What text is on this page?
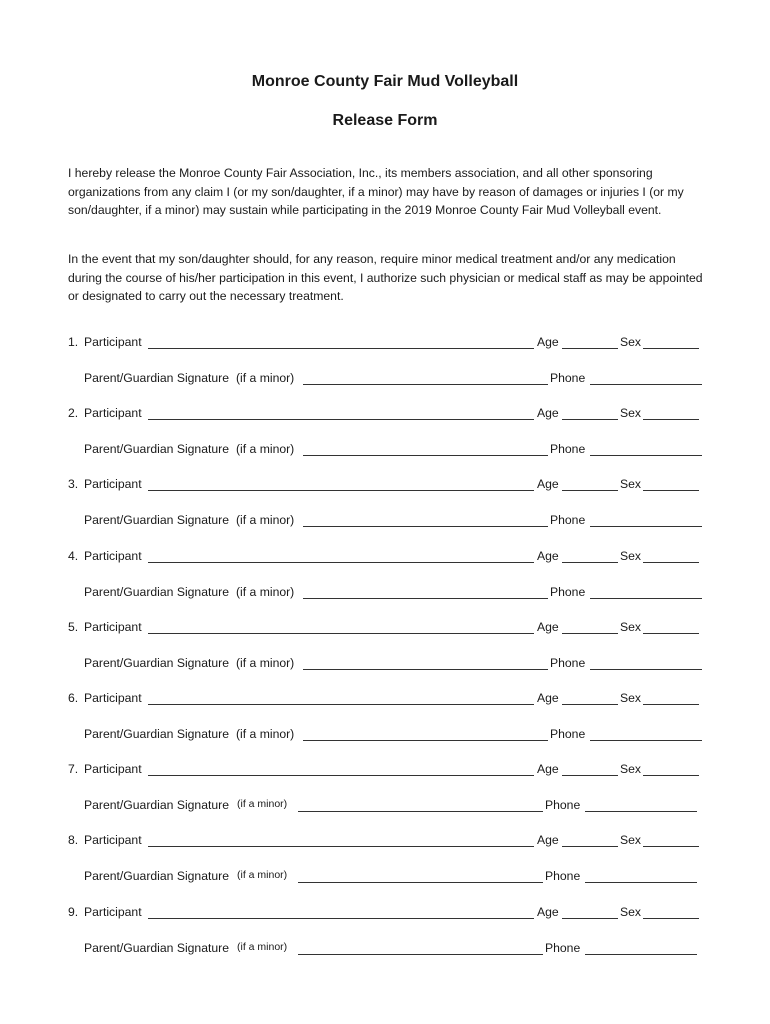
Monroe County Fair Mud Volleyball
Release Form

I hereby release the Monroe County Fair Association, Inc., its members association, and all other sponsoring organizations from any claim I (or my son/daughter, if a minor) may have by reason of damages or injuries I (or my son/daughter, if a minor) may sustain while participating in the 2019 Monroe County Fair Mud Volleyball event.

In the event that my son/daughter should, for any reason, require minor medical treatment and/or any medication during the course of his/her participation in this event, I authorize such physician or medical staff as may be appointed or designated to carry out the necessary treatment.

1. Participant	Age	Sex
Parent/Guardian Signature (if a minor)	Phone
2. Participant	Age	Sex
Parent/Guardian Signature (if a minor)	Phone
3. Participant	Age	Sex
Parent/Guardian Signature (if a minor)	Phone
4. Participant	Age	Sex
Parent/Guardian Signature (if a minor)	Phone
5. Participant	Age	Sex
Parent/Guardian Signature (if a minor)	Phone
6. Participant	Age	Sex
Parent/Guardian Signature (if a minor)	Phone
7. Participant	Age	Sex
Parent/Guardian Signature (if a minor)	Phone
8. Participant	Age	Sex
Parent/Guardian Signature (if a minor)	Phone
9. Participant	Age	Sex
Parent/Guardian Signature (if a minor)	Phone
